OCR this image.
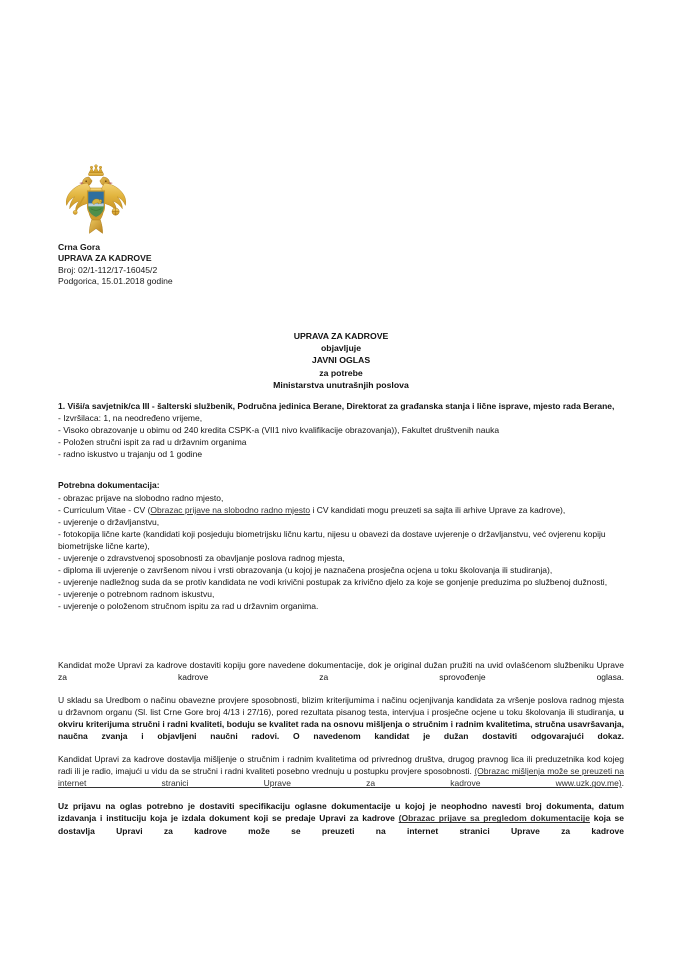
Crna Gora
UPRAVA ZA KADROVE
Broj: 02/1-112/17-16045/2
Podgorica, 15.01.2018 godine
UPRAVA ZA KADROVE
objavljuje
JAVNI OGLAS
za potrebe
Ministarstva unutrašnjih poslova
1. Viši/a savjetnik/ca III - šalterski službenik, Područna jedinica Berane, Direktorat za građanska stanja i lične isprave, mjesto rada Berane,
- Izvršilaca: 1, na neodređeno vrijeme,
- Visoko obrazovanje u obimu od 240 kredita CSPK-a (VII1 nivo kvalifikacije obrazovanja)), Fakultet društvenih nauka
- Položen stručni ispit za rad u državnim organima
- radno iskustvo u trajanju od 1 godine
Potrebna dokumentacija:
- obrazac prijave na slobodno radno mjesto,
- Curriculum Vitae - CV (Obrazac prijave na slobodno radno mjesto i CV kandidati mogu preuzeti sa sajta ili arhive Uprave za kadrove),
- uvjerenje o državljanstvu,
- fotokopija lične karte (kandidati koji posjeduju biometrijsku ličnu kartu, nijesu u obavezi da dostave uvjerenje o državljanstvu, već ovjerenu kopiju biometrijske lične karte),
- uvjerenje o zdravstvenoj sposobnosti za obavljanje poslova radnog mjesta,
- diploma ili uvjerenje o završenom nivou i vrsti obrazovanja (u kojoj je naznačena prosječna ocjena u toku školovanja ili studiranja),
- uvjerenje nadležnog suda da se protiv kandidata ne vodi krivični postupak za krivično djelo za koje se gonjenje preduzima po službenoj dužnosti,
- uvjerenje o potrebnom radnom iskustvu,
- uvjerenje o položenom stručnom ispitu za rad u državnim organima.

Kandidat može Upravi za kadrove dostaviti kopiju gore navedene dokumentacije, dok je original dužan pružiti na uvid ovlašćenom službeniku Uprave za kadrove za sprovođenje oglasa.

U skladu sa Uredbom o načinu obavezne provjere sposobnosti, blizim kriterijumima i načinu ocjenjivanja kandidata za vršenje poslova radnog mjesta u državnom organu (Sl. list Crne Gore broj 4/13 i 27/16), pored rezultata pisanog testa, intervjua i prosječne ocjene u toku školovanja ili studiranja, u okviru kriterijuma stručni i radni kvaliteti, boduju se kvalitet rada na osnovu mišljenja o stručnim i radnim kvalitetima, stručna usavršavanja, naučna zvanja i objavljeni naučni radovi. O navedenom kandidat je dužan dostaviti odgovarajući dokaz.

Kandidat Upravi za kadrove dostavlja mišljenje o stručnim i radnim kvalitetima od privrednog društva, drugog pravnog lica ili preduzetnika kod kojeg radi ili je radio, imajući u vidu da se stručni i radni kvaliteti posebno vrednuju u postupku provjere sposobnosti. (Obrazac mišljenja može se preuzeti na internet stranici Uprave za kadrove www.uzk.gov.me).

Uz prijavu na oglas potrebno je dostaviti specifikaciju oglasne dokumentacije u kojoj je neophodno navesti broj dokumenta, datum izdavanja i instituciju koja je izdala dokument koji se predaje Upravi za kadrove (Obrazac prijave sa pregledom dokumentacije koja se dostavlja Upravi za kadrove može se preuzeti na internet stranici Uprave za kadrove
